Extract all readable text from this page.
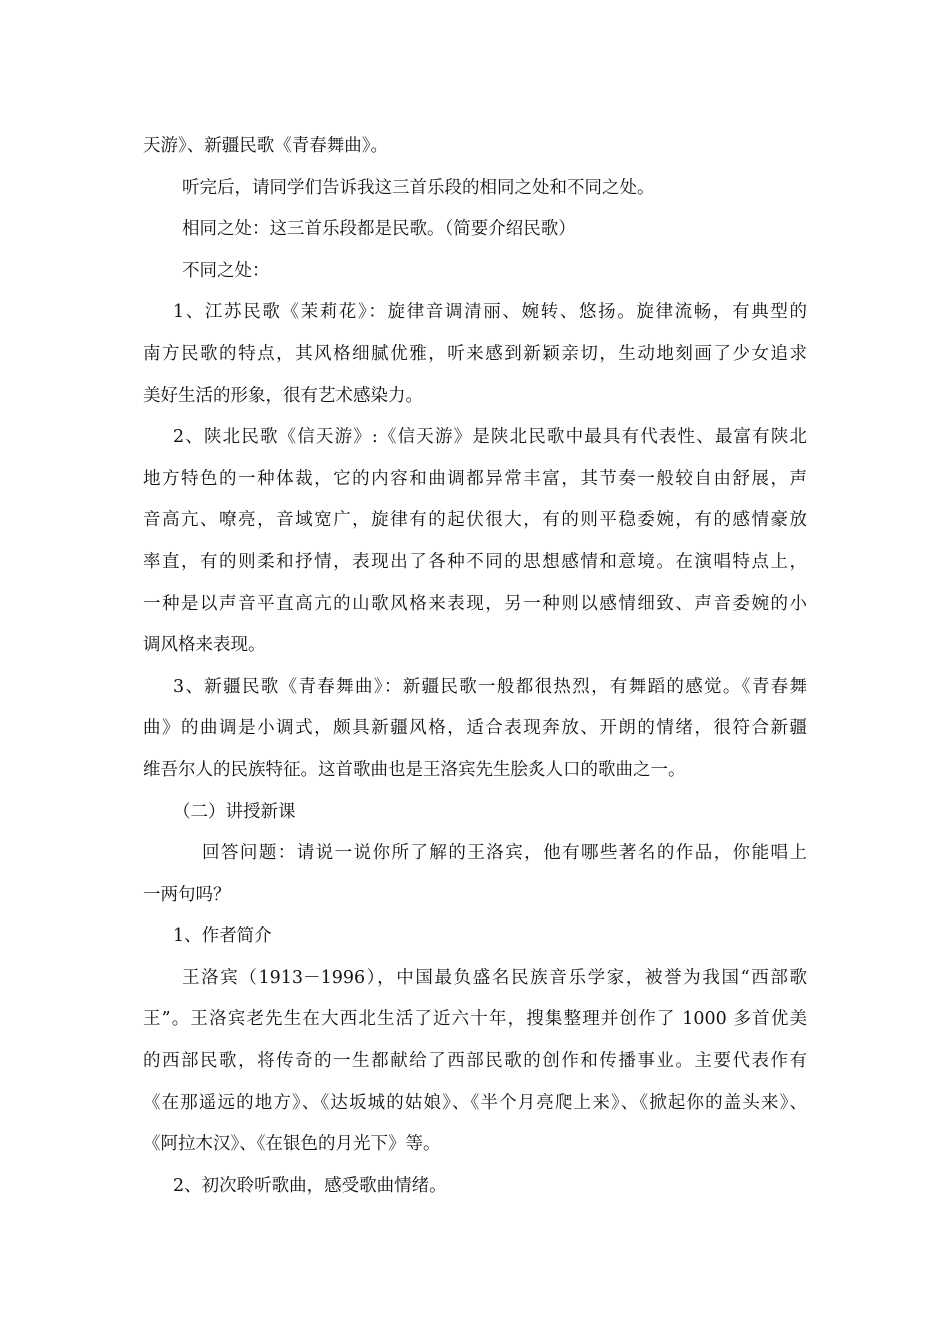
天游》、新疆民歌《青春舞曲》。

听完后，请同学们告诉我这三首乐段的相同之处和不同之处。

相同之处：这三首乐段都是民歌。（简要介绍民歌）

不同之处：

1、江苏民歌《茉莉花》：旋律音调清丽、婉转、悠扬。旋律流畅，有典型的

南方民歌的特点，其风格细腻优雅，听来感到新颖亲切，生动地刻画了少女追求

美好生活的形象，很有艺术感染力。

2、陕北民歌《信天游》:《信天游》是陕北民歌中最具有代表性、最富有陕北

地方特色的一种体裁，它的内容和曲调都异常丰富，其节奏一般较自由舒展，声

音高亢、嘹亮，音域宽广，旋律有的起伏很大，有的则平稳委婉，有的感情豪放

率直，有的则柔和抒情，表现出了各种不同的思想感情和意境。在演唱特点上，

一种是以声音平直高亢的山歌风格来表现，另一种则以感情细致、声音委婉的小

调风格来表现。

3、新疆民歌《青春舞曲》：新疆民歌一般都很热烈，有舞蹈的感觉。《青春舞

曲》的曲调是小调式，颇具新疆风格，适合表现奔放、开朗的情绪，很符合新疆

维吾尔人的民族特征。这首歌曲也是王洛宾先生脍炙人口的歌曲之一。

（二）讲授新课

回答问题：请说一说你所了解的王洛宾，他有哪些著名的作品，你能唱上

一两句吗？

1、作者简介

王洛宾（1913－1996），中国最负盛名民族音乐学家，被誉为我国“西部歌

王”。王洛宾老先生在大西北生活了近六十年，搜集整理并创作了 1000 多首优美

的西部民歌，将传奇的一生都献给了西部民歌的创作和传播事业。主要代表作有

《在那遥远的地方》、《达坂城的姑娘》、《半个月亮爬上来》、《掀起你的盖头来》、

《阿拉木汉》、《在银色的月光下》等。

2、初次聆听歌曲，感受歌曲情绪。
